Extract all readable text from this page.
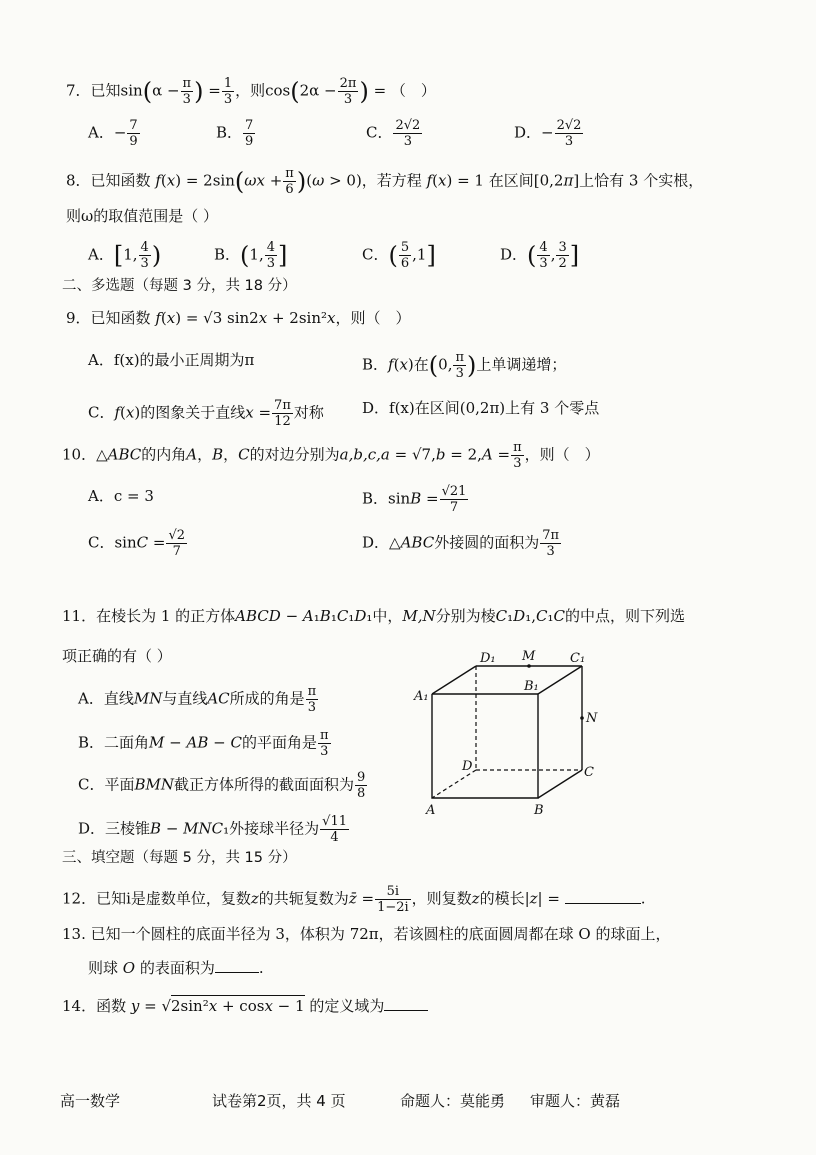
7．已知$\sin(\alpha - \frac{\pi}{3}$ ) = $\frac{1}{3}$ ，则$\cos(2\alpha - \frac{2\pi}{3}$ ) = （　）
A．− $\frac{7}{9}$	B． $\frac{7}{9}$	C． $\frac{2√2}{3}$	D．− $\frac{2√2}{3}$
8．已知函数 $f(x) = 2\sin(\omega x + \frac{\pi}{6} )(\omega > 0)$，若方程 f(x) = 1 在区间[0,2π]上恰有 3 个实根，
则ω的取值范围是（ ）
A．[1, $\frac{4}{3}$ )	B．(1, $\frac{4}{3}$ ]	C．( $\frac{5}{6} ,1$]	D．( $\frac{4}{3}$ , $\frac{3}{2}$ ]
二、多选题（每题 3 分，共 18 分）
9．已知函数 f(x) = √3 sin2x + 2sin²x，则（　）
A．f(x)的最小正周期为π	B．f(x)在(0, $\frac{\pi}{3}$ )上单调递增；
C．f(x)的图象关于直线$x = \frac{7\pi}{12}$ 对称	D．f(x)在区间(0,2π)上有 3 个零点
10．△ABC的内角A，B，C的对边分别为$a,b,c,a = √7,b = 2,A = \frac{\pi}{3}$ ，则（　）
A．c = 3	B．$\sin B = \frac{√21}{7}$
C．$\sin C = \frac{√2}{7}$	D．△ABC外接圆的面积为 $\frac{7\pi}{3}$
11．在棱长为 1 的正方体ABCD − A₁B₁C₁D₁中，M,N分别为棱C₁D₁,C₁C的中点，则下列选
项正确的有（ ）
A．直线MN与直线AC所成的角是 $\frac{\pi}{3}$
B．二面角M − AB − C的平面角是 $\frac{\pi}{3}$
C．平面BMN截正方体所得的截面面积为 $\frac{9}{8}$
D．三棱锥B − MNC₁外接球半径为 $\frac{√11}{4}$
D₁ M	C₁
A₁
B₁
N
D	C
A	B
三、填空题（每题 5 分，共 15 分）
12．已知i是虚数单位，复数z的共轭复数为z̄ = $\frac{5i}{1-2i}$ ，则复数z的模长|z| =	.
13. 已知一个圆柱的底面半径为 3，体积为 72π，若该圆柱的底面圆周都在球 O 的球面上，
则球 O 的表面积为	.
14．函数 y = √2sin²x + cosx − 1 的定义域为
高一数学	试卷第2页，共 4 页	命题人：莫能勇 审题人：黄磊
